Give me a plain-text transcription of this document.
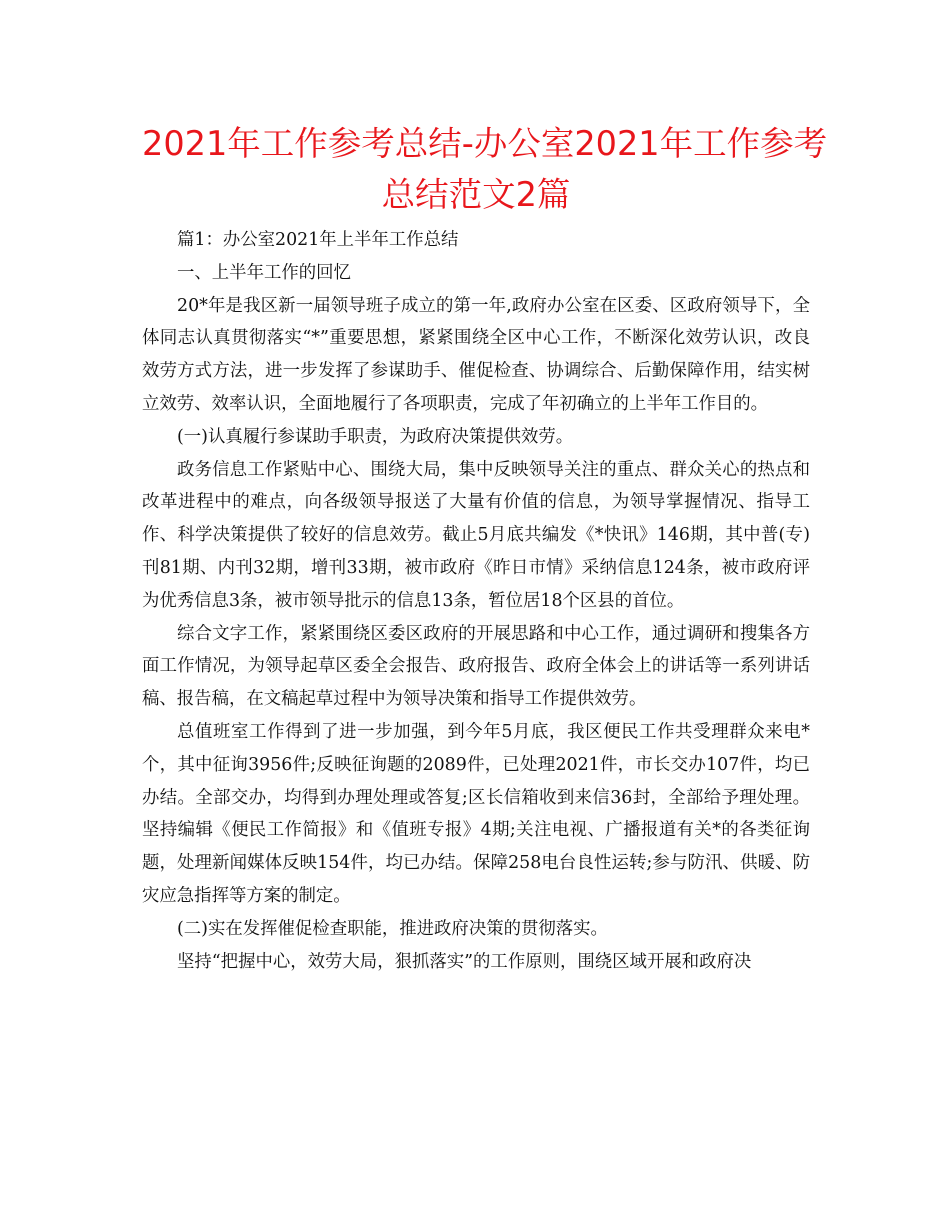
2021年工作参考总结-办公室2021年工作参考
总结范文2篇

篇1：办公室2021年上半年工作总结

一、上半年工作的回忆

20*年是我区新一届领导班子成立的第一年,政府办公室在区委、区政府领导下，全体同志认真贯彻落实“*”重要思想，紧紧围绕全区中心工作，不断深化效劳认识，改良效劳方式方法，进一步发挥了参谋助手、催促检查、协调综合、后勤保障作用，结实树立效劳、效率认识，全面地履行了各项职责，完成了年初确立的上半年工作目的。

(一)认真履行参谋助手职责，为政府决策提供效劳。

政务信息工作紧贴中心、围绕大局，集中反映领导关注的重点、群众关心的热点和改革进程中的难点，向各级领导报送了大量有价值的信息，为领导掌握情况、指导工作、科学决策提供了较好的信息效劳。截止5月底共编发《*快讯》146期，其中普(专)刊81期、内刊32期，增刊33期，被市政府《昨日市情》采纳信息124条，被市政府评为优秀信息3条，被市领导批示的信息13条，暂位居18个区县的首位。

综合文字工作，紧紧围绕区委区政府的开展思路和中心工作，通过调研和搜集各方面工作情况，为领导起草区委全会报告、政府报告、政府全体会上的讲话等一系列讲话稿、报告稿，在文稿起草过程中为领导决策和指导工作提供效劳。

总值班室工作得到了进一步加强，到今年5月底，我区便民工作共受理群众来电*个，其中征询3956件;反映征询题的2089件，已处理2021件，市长交办107件，均已办结。全部交办，均得到办理处理或答复;区长信箱收到来信36封，全部给予理处理。坚持编辑《便民工作简报》和《值班专报》4期;关注电视、广播报道有关*的各类征询题，处理新闻媒体反映154件，均已办结。保障258电台良性运转;参与防汛、供暖、防灾应急指挥等方案的制定。

(二)实在发挥催促检查职能，推进政府决策的贯彻落实。

坚持“把握中心，效劳大局，狠抓落实”的工作原则，围绕区域开展和政府决
